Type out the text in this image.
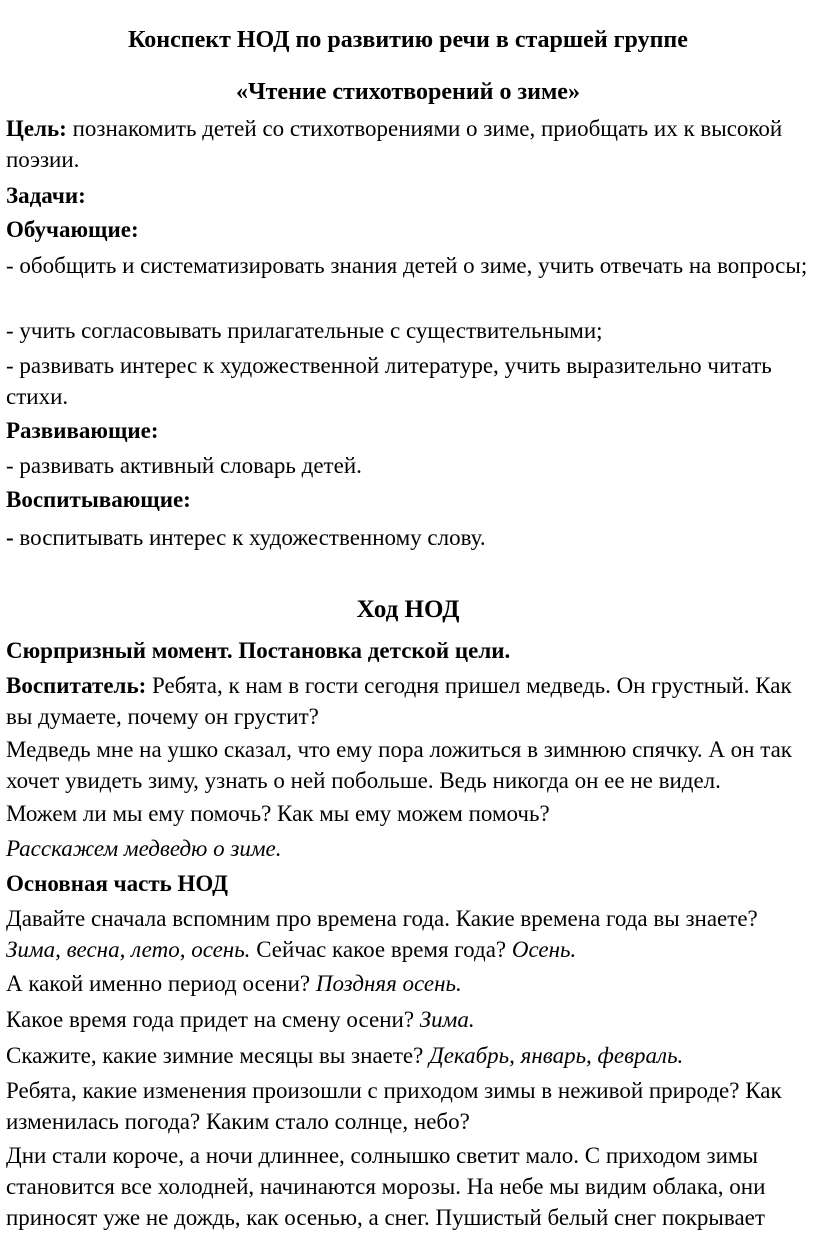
Конспект НОД по развитию речи в старшей группе
«Чтение стихотворений о зиме»

Цель: познакомить детей со стихотворениями о зиме, приобщать их к высокой поэзии.

Задачи:

Обучающие:

- обобщить и систематизировать знания детей о зиме, учить отвечать на вопросы;

- учить согласовывать прилагательные с существительными;

- развивать интерес к художественной литературе, учить выразительно читать стихи.

Развивающие:

- развивать активный словарь детей.

Воспитывающие:

- воспитывать интерес к художественному слову.

Ход НОД

Сюрпризный момент. Постановка детской цели.

Воспитатель: Ребята, к нам в гости сегодня пришел медведь. Он грустный. Как вы думаете, почему он грустит?

Медведь мне на ушко сказал, что ему пора ложиться в зимнюю спячку. А он так хочет увидеть зиму, узнать о ней побольше. Ведь никогда он ее не видел.

Можем ли мы ему помочь? Как мы ему можем помочь?

Расскажем медведю о зиме.

Основная часть НОД

Давайте сначала вспомним про времена года. Какие времена года вы знаете? Зима, весна, лето, осень. Сейчас какое время года? Осень.

А какой именно период осени? Поздняя осень.

Какое время года придет на смену осени? Зима.

Скажите, какие зимние месяцы вы знаете? Декабрь, январь, февраль.

Ребята, какие изменения произошли с приходом зимы в неживой природе? Как изменилась погода? Каким стало солнце, небо?

Дни стали короче, а ночи длиннее, солнышко светит мало. С приходом зимы становится все холодней, начинаются морозы. На небе мы видим облака, они приносят уже не дождь, как осенью, а снег. Пушистый белый снег покрывает
